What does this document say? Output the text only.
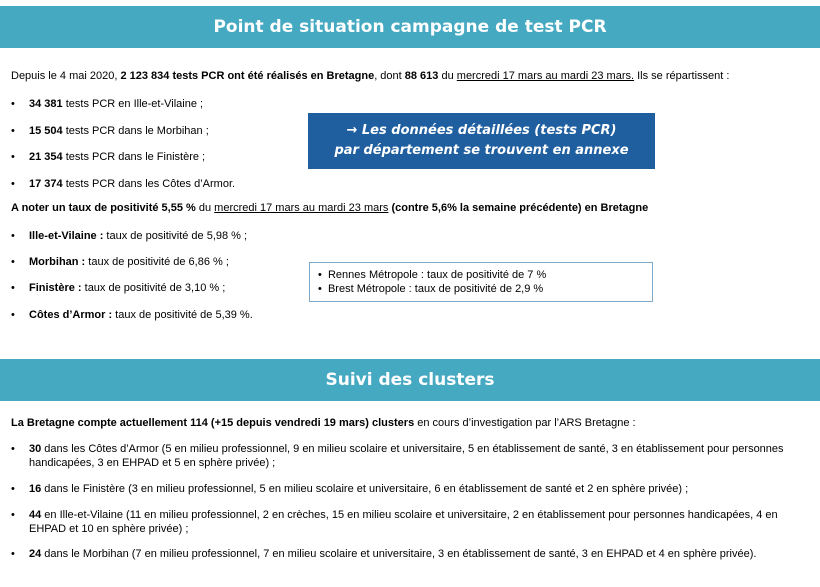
Point de situation campagne de test PCR
Depuis le 4 mai 2020, 2 123 834 tests PCR ont été réalisés en Bretagne, dont 88 613 du mercredi 17 mars au mardi 23 mars. Ils se répartissent :
• 34 381 tests PCR en Ille-et-Vilaine ;
• 15 504 tests PCR dans le Morbihan ;
• 21 354 tests PCR dans le Finistère ;
• 17 374 tests PCR dans les Côtes d’Armor.
→ Les données détaillées (tests PCR)
par département se trouvent en annexe
A noter un taux de positivité 5,55 % du mercredi 17 mars au mardi 23 mars (contre 5,6% la semaine précédente) en Bretagne
• Ille-et-Vilaine : taux de positivité de 5,98 % ;
• Morbihan : taux de positivité de 6,86 % ;
• Finistère : taux de positivité de 3,10 % ;
• Côtes d’Armor : taux de positivité de 5,39 %.
•  Rennes Métropole : taux de positivité de 7 %
•  Brest Métropole : taux de positivité de 2,9 %
Suivi des clusters
La Bretagne compte actuellement 114 (+15 depuis vendredi 19 mars) clusters en cours d’investigation par l’ARS Bretagne :
• 30 dans les Côtes d’Armor (5 en milieu professionnel, 9 en milieu scolaire et universitaire, 5 en établissement de santé, 3 en établissement pour personnes handicapées, 3 en EHPAD et 5 en sphère privée) ;
• 16 dans le Finistère (3 en milieu professionnel, 5 en milieu scolaire et universitaire, 6 en établissement de santé et 2 en sphère privée) ;
• 44 en Ille-et-Vilaine (11 en milieu professionnel, 2 en crèches, 15 en milieu scolaire et universitaire, 2 en établissement pour personnes handicapées, 4 en EHPAD et 10 en sphère privée) ;
• 24 dans le Morbihan (7 en milieu professionnel, 7 en milieu scolaire et universitaire, 3 en établissement de santé, 3 en EHPAD et 4 en sphère privée).
